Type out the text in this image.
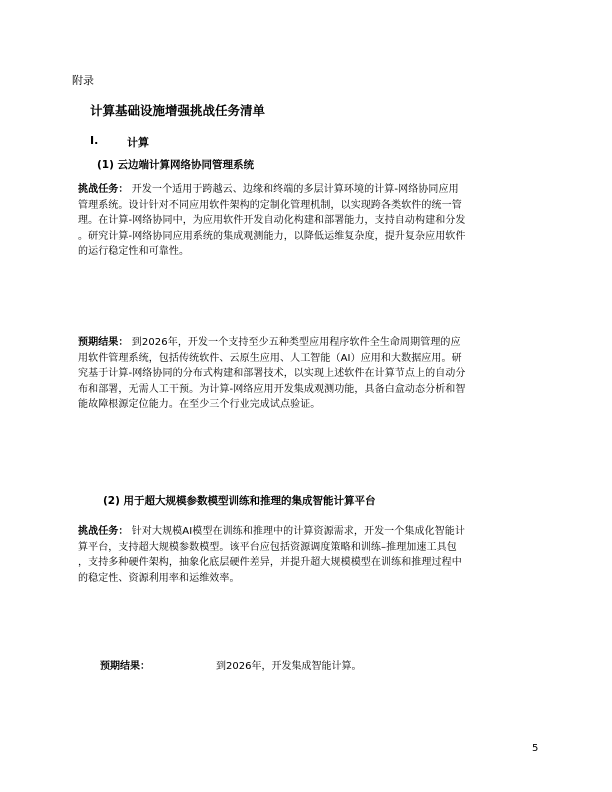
附录
计算基础设施增强挑战任务清单
I.	计算
(1) 云边端计算网络协同管理系统
挑战任务： 开发一个适用于跨越云、边缘和终端的多层计算环境的计算-网络协同应用
管理系统。设计针对不同应用软件架构的定制化管理机制，以实现跨各类软件的统一管
理。在计算-网络协同中，为应用软件开发自动化构建和部署能力，支持自动构建和分发
。研究计算-网络协同应用系统的集成观测能力，以降低运维复杂度，提升复杂应用软件
的运行稳定性和可靠性。
预期结果： 到2026年，开发一个支持至少五种类型应用程序软件全生命周期管理的应
用软件管理系统，包括传统软件、云原生应用、人工智能（AI）应用和大数据应用。研
究基于计算-网络协同的分布式构建和部署技术，以实现上述软件在计算节点上的自动分
布和部署，无需人工干预。为计算-网络应用开发集成观测功能，具备白盒动态分析和智
能故障根源定位能力。在至少三个行业完成试点验证。
(2) 用于超大规模参数模型训练和推理的集成智能计算平台
挑战任务： 针对大规模AI模型在训练和推理中的计算资源需求，开发一个集成化智能计
算平台，支持超大规模参数模型。该平台应包括资源调度策略和训练–推理加速工具包
，支持多种硬件架构，抽象化底层硬件差异，并提升超大规模模型在训练和推理过程中
的稳定性、资源利用率和运维效率。
预期结果：	到2026年，开发集成智能计算。
5
